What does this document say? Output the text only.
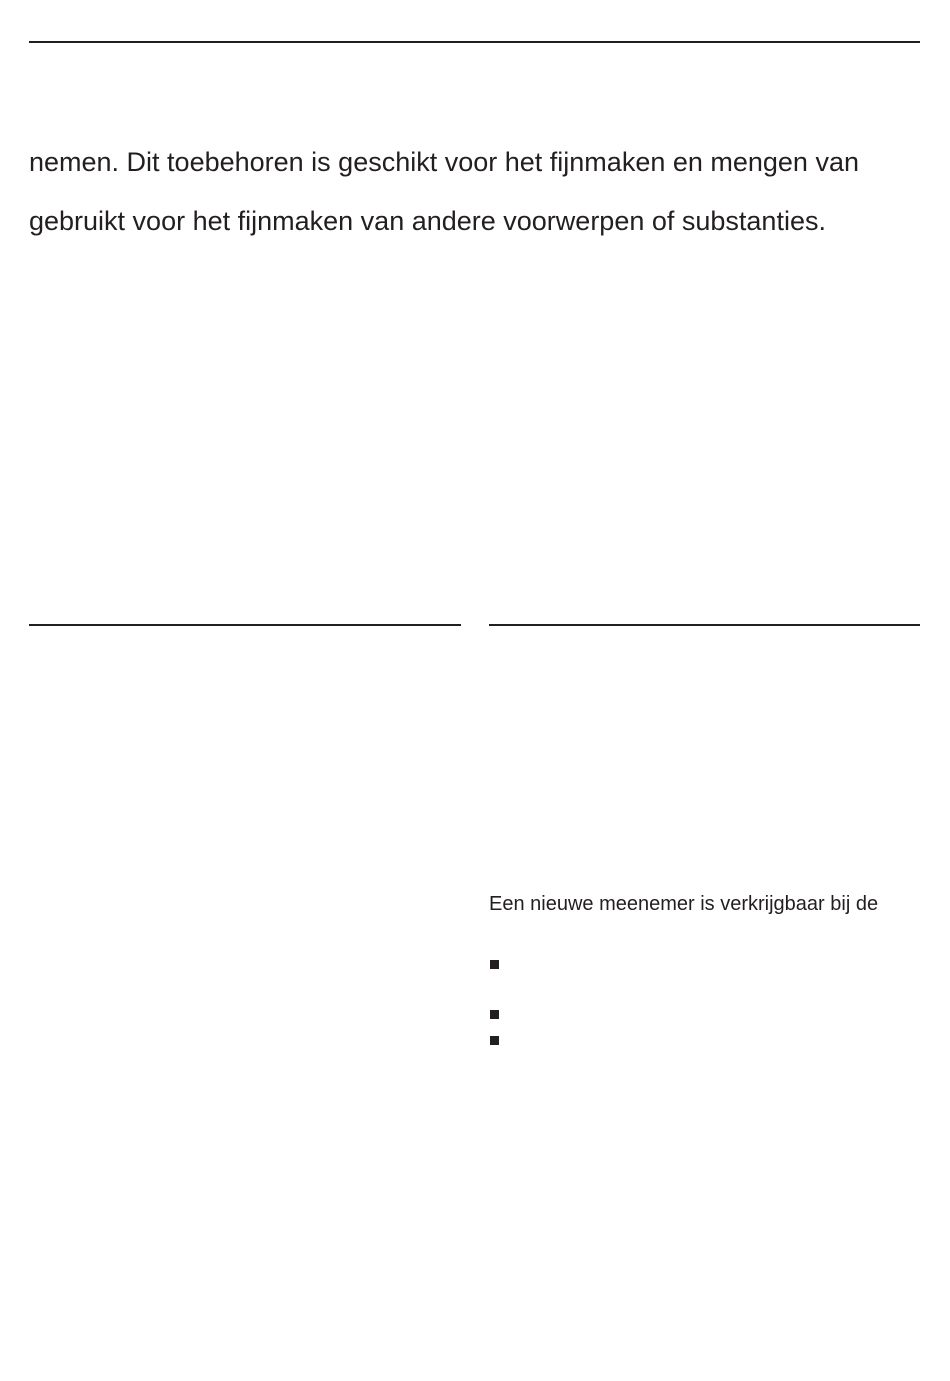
nemen. Dit toebehoren is geschikt voor het fijnmaken en mengen van
gebruikt voor het fijnmaken van andere voorwerpen of substanties.
Een nieuwe meenemer is verkrijgbaar bij de
